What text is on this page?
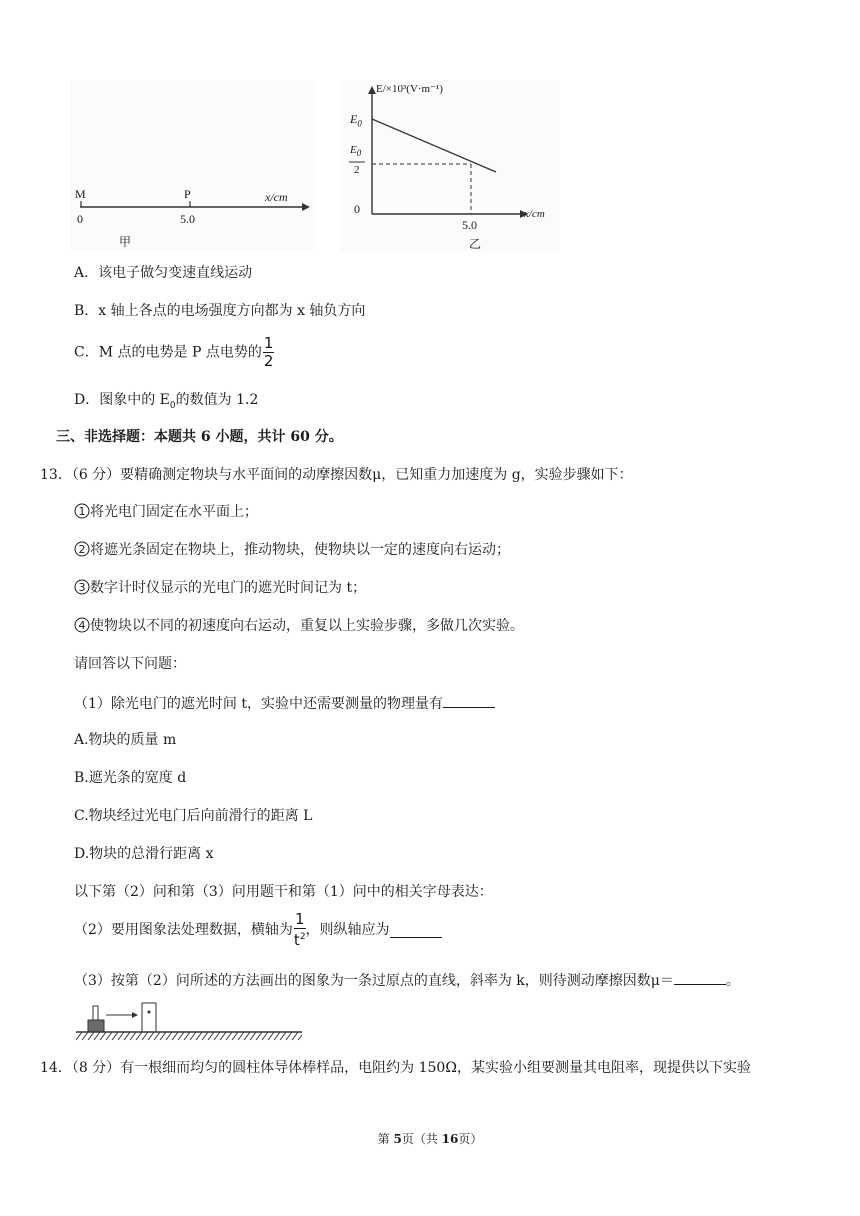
M	P	x/cm
0	5.0
甲
E/×10³(V·m⁻¹)
$E_0$
$E_0$
2
0
5.0
x/cm
乙
A．该电子做匀变速直线运动
B．x 轴上各点的电场强度方向都为 x 轴负方向
C．M 点的电势是 P 点电势的 $\frac{1}{2}$
D．图象中的 $E_0$的数值为 1.2
三、非选择题：本题共 6 小题，共计 60 分。
13．（6 分）要精确测定物块与水平面间的动摩擦因数μ，已知重力加速度为 g，实验步骤如下：
1 将光电门固定在水平面上；
2 将遮光条固定在物块上，推动物块，使物块以一定的速度向右运动；
3 数字计时仪显示的光电门的遮光时间记为 t；
4 使物块以不同的初速度向右运动，重复以上实验步骤，多做几次实验。
请回答以下问题：
（1）除光电门的遮光时间 t，实验中还需要测量的物理量有
A.物块的质量 m
B.遮光条的宽度 d
C.物块经过光电门后向前滑行的距离 L
D.物块的总滑行距离 x
以下第（2）问和第（3）问用题干和第（1）问中的相关字母表达：
（2）要用图象法处理数据，横轴为 $\frac{1}{t^2}$ ，则纵轴应为
（3）按第（2）问所述的方法画出的图象为一条过原点的直线，斜率为 k，则待测动摩擦因数μ＝	。
14．（8 分）有一根细而均匀的圆柱体导体棒样品，电阻约为 150Ω，某实验小组要测量其电阻率，现提供以下实验
第 5页（共 16页）
